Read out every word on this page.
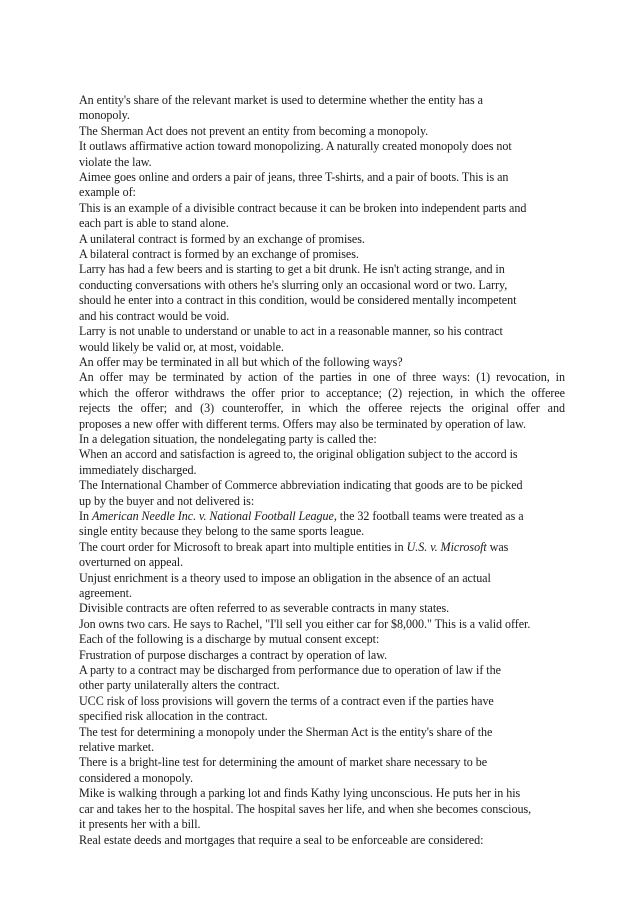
An entity's share of the relevant market is used to determine whether the entity has a
monopoly.
The Sherman Act does not prevent an entity from becoming a monopoly.
It outlaws affirmative action toward monopolizing. A naturally created monopoly does not
violate the law.
Aimee goes online and orders a pair of jeans, three T-shirts, and a pair of boots. This is an
example of:
This is an example of a divisible contract because it can be broken into independent parts and
each part is able to stand alone.
A unilateral contract is formed by an exchange of promises.
A bilateral contract is formed by an exchange of promises.
Larry has had a few beers and is starting to get a bit drunk. He isn't acting strange, and in
conducting conversations with others he's slurring only an occasional word or two. Larry,
should he enter into a contract in this condition, would be considered mentally incompetent
and his contract would be void.
Larry is not unable to understand or unable to act in a reasonable manner, so his contract
would likely be valid or, at most, voidable.
An offer may be terminated in all but which of the following ways?
An offer may be terminated by action of the parties in one of three ways: (1) revocation, in
which the offeror withdraws the offer prior to acceptance; (2) rejection, in which the offeree
rejects the offer; and (3) counteroffer, in which the offeree rejects the original offer and
proposes a new offer with different terms. Offers may also be terminated by operation of law.
In a delegation situation, the nondelegating party is called the:
When an accord and satisfaction is agreed to, the original obligation subject to the accord is
immediately discharged.
The International Chamber of Commerce abbreviation indicating that goods are to be picked
up by the buyer and not delivered is:
In American Needle Inc. v. National Football League, the 32 football teams were treated as a
single entity because they belong to the same sports league.
The court order for Microsoft to break apart into multiple entities in U.S. v. Microsoft was
overturned on appeal.
Unjust enrichment is a theory used to impose an obligation in the absence of an actual
agreement.
Divisible contracts are often referred to as severable contracts in many states.
Jon owns two cars. He says to Rachel, "I'll sell you either car for $8,000." This is a valid offer.
Each of the following is a discharge by mutual consent except:
Frustration of purpose discharges a contract by operation of law.
A party to a contract may be discharged from performance due to operation of law if the
other party unilaterally alters the contract.
UCC risk of loss provisions will govern the terms of a contract even if the parties have
specified risk allocation in the contract.
The test for determining a monopoly under the Sherman Act is the entity's share of the
relative market.
There is a bright-line test for determining the amount of market share necessary to be
considered a monopoly.
Mike is walking through a parking lot and finds Kathy lying unconscious. He puts her in his
car and takes her to the hospital. The hospital saves her life, and when she becomes conscious,
it presents her with a bill.
Real estate deeds and mortgages that require a seal to be enforceable are considered:
